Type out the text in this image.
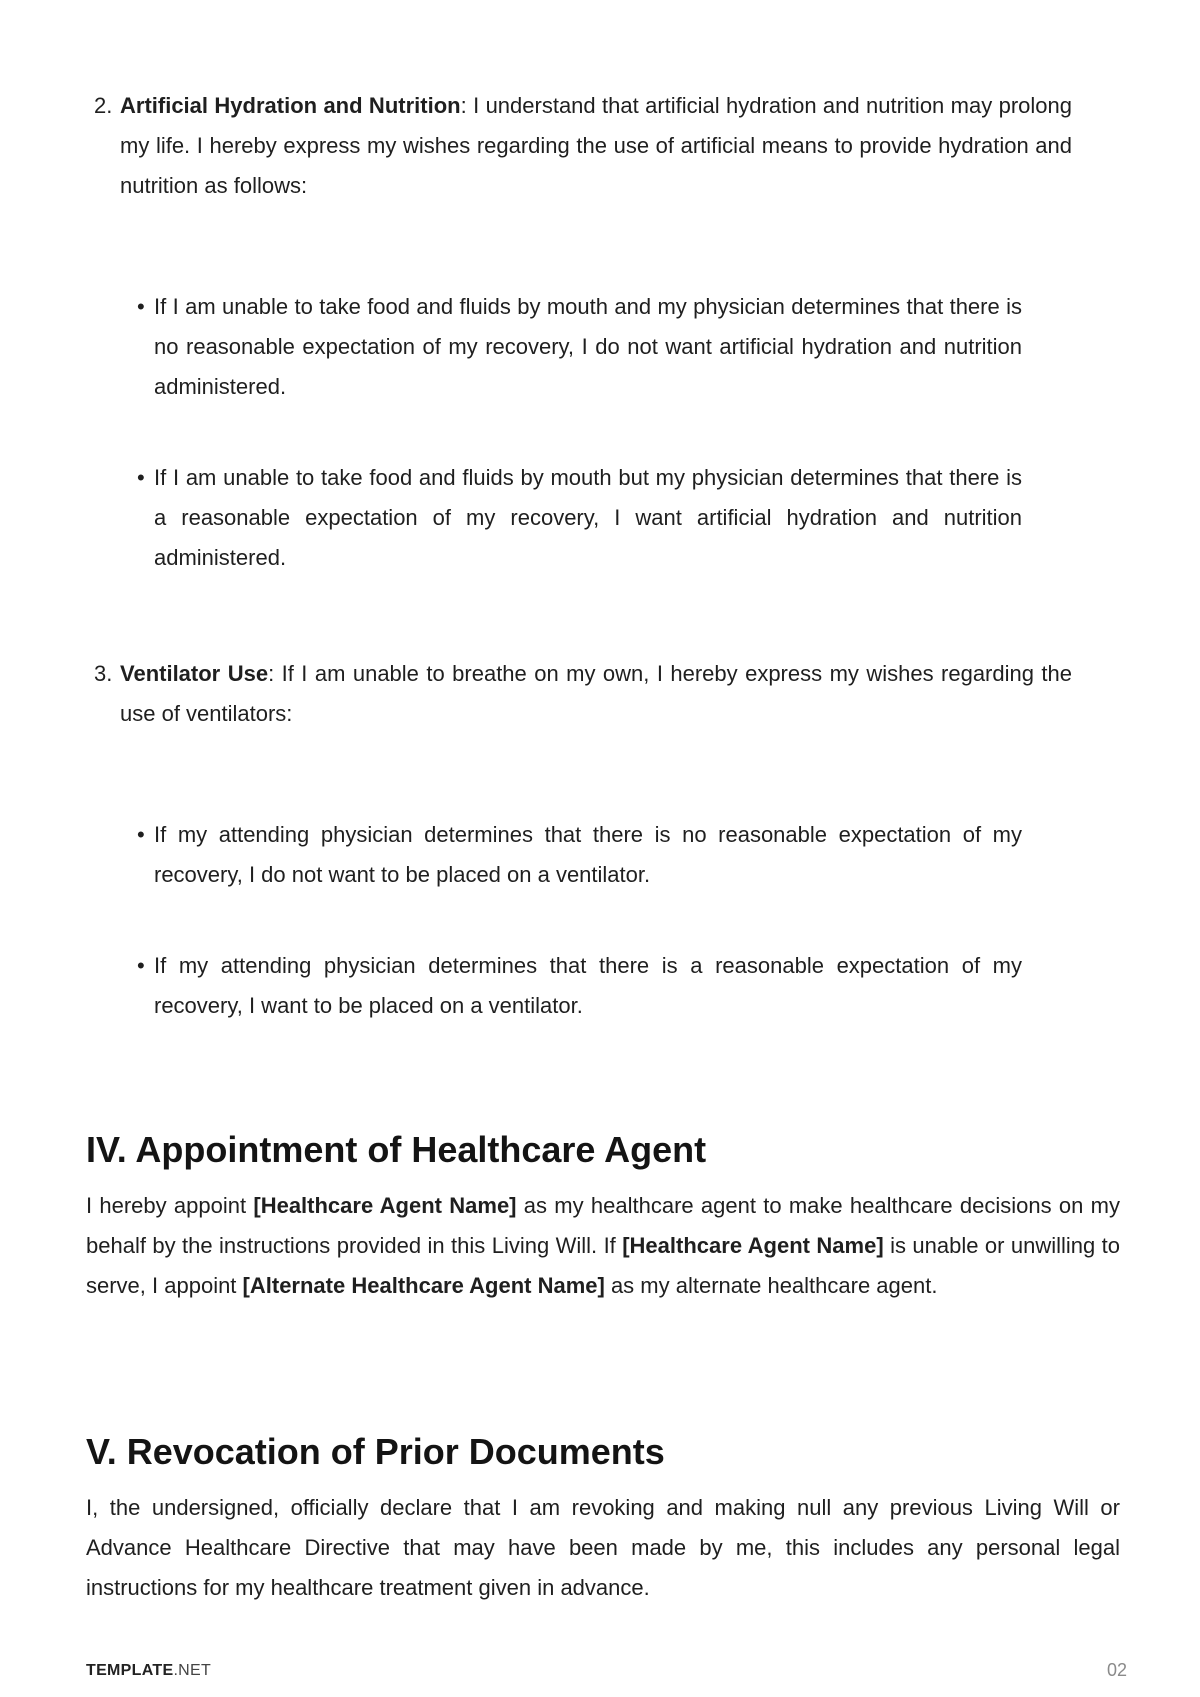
2. Artificial Hydration and Nutrition: I understand that artificial hydration and nutrition may prolong my life. I hereby express my wishes regarding the use of artificial means to provide hydration and nutrition as follows:

• If I am unable to take food and fluids by mouth and my physician determines that there is no reasonable expectation of my recovery, I do not want artificial hydration and nutrition administered.

• If I am unable to take food and fluids by mouth but my physician determines that there is a reasonable expectation of my recovery, I want artificial hydration and nutrition administered.

3. Ventilator Use: If I am unable to breathe on my own, I hereby express my wishes regarding the use of ventilators:

• If my attending physician determines that there is no reasonable expectation of my recovery, I do not want to be placed on a ventilator.

• If my attending physician determines that there is a reasonable expectation of my recovery, I want to be placed on a ventilator.

IV. Appointment of Healthcare Agent

I hereby appoint [Healthcare Agent Name] as my healthcare agent to make healthcare decisions on my behalf by the instructions provided in this Living Will. If [Healthcare Agent Name] is unable or unwilling to serve, I appoint [Alternate Healthcare Agent Name] as my alternate healthcare agent.

V. Revocation of Prior Documents

I, the undersigned, officially declare that I am revoking and making null any previous Living Will or Advance Healthcare Directive that may have been made by me, this includes any personal legal instructions for my healthcare treatment given in advance.

TEMPLATE.NET	02
